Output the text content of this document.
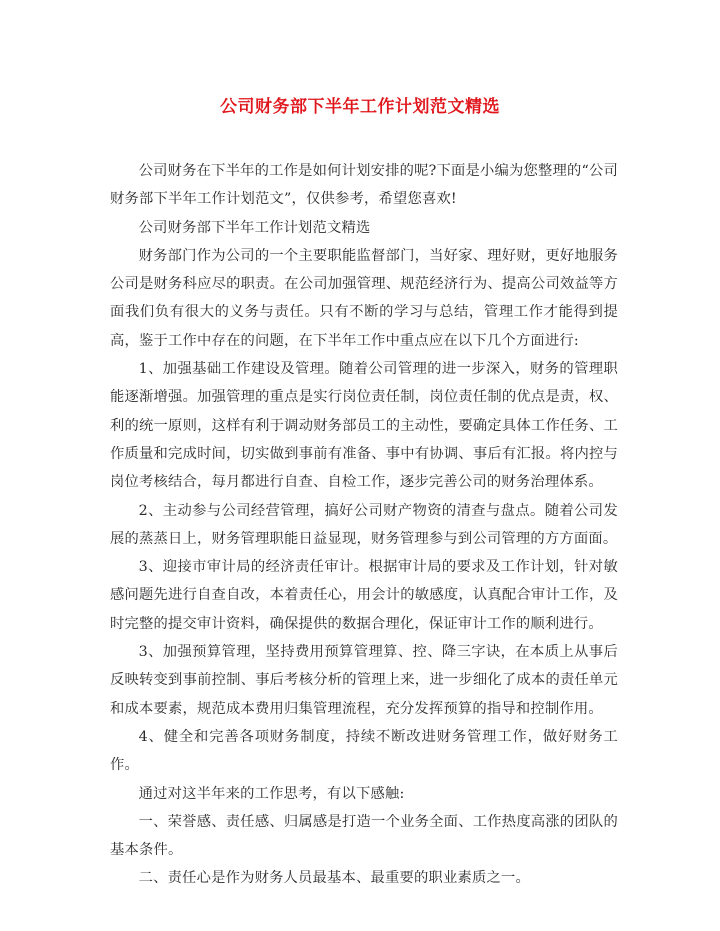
公司财务部下半年工作计划范文精选

公司财务在下半年的工作是如何计划安排的呢?下面是小编为您整理的“公司财务部下半年工作计划范文”，仅供参考，希望您喜欢!

公司财务部下半年工作计划范文精选

财务部门作为公司的一个主要职能监督部门，当好家、理好财，更好地服务公司是财务科应尽的职责。在公司加强管理、规范经济行为、提高公司效益等方面我们负有很大的义务与责任。只有不断的学习与总结，管理工作才能得到提高，鉴于工作中存在的问题，在下半年工作中重点应在以下几个方面进行:

1、加强基础工作建设及管理。随着公司管理的进一步深入，财务的管理职能逐渐增强。加强管理的重点是实行岗位责任制，岗位责任制的优点是责，权、利的统一原则，这样有利于调动财务部员工的主动性，要确定具体工作任务、工作质量和完成时间，切实做到事前有准备、事中有协调、事后有汇报。将内控与岗位考核结合，每月都进行自查、自检工作，逐步完善公司的财务治理体系。

2、主动参与公司经营管理，搞好公司财产物资的清查与盘点。随着公司发展的蒸蒸日上，财务管理职能日益显现，财务管理参与到公司管理的方方面面。

3、迎接市审计局的经济责任审计。根据审计局的要求及工作计划，针对敏感问题先进行自查自改，本着责任心，用会计的敏感度，认真配合审计工作，及时完整的提交审计资料，确保提供的数据合理化，保证审计工作的顺利进行。

3、加强预算管理，坚持费用预算管理算、控、降三字诀，在本质上从事后反映转变到事前控制、事后考核分析的管理上来，进一步细化了成本的责任单元和成本要素，规范成本费用归集管理流程，充分发挥预算的指导和控制作用。

4、健全和完善各项财务制度，持续不断改进财务管理工作，做好财务工作。

通过对这半年来的工作思考，有以下感触:

一、荣誉感、责任感、归属感是打造一个业务全面、工作热度高涨的团队的基本条件。

二、责任心是作为财务人员最基本、最重要的职业素质之一。
